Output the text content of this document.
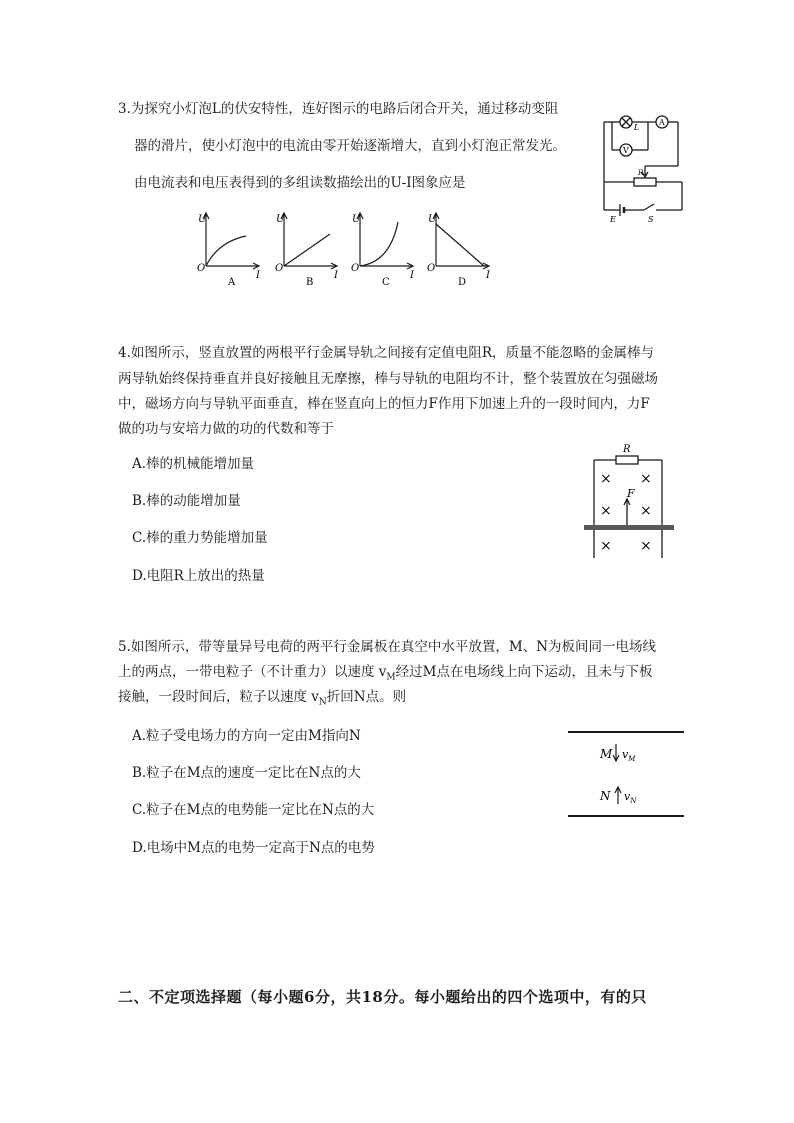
3.为探究小灯泡L的伏安特性，连好图示的电路后闭合开关，通过移动变阻
器的滑片，使小灯泡中的电流由零开始逐渐增大，直到小灯泡正常发光。
由电流表和电压表得到的多组读数描绘出的U-I图象应是
L
A
V
R
E	S
U
O
I
A
U
O
I
B
U
O
I
C
U
O
I
D
4.如图所示，竖直放置的两根平行金属导轨之间接有定值电阻R，质量不能忽略的金属棒与
两导轨始终保持垂直并良好接触且无摩擦，棒与导轨的电阻均不计，整个装置放在匀强磁场
中，磁场方向与导轨平面垂直，棒在竖直向上的恒力F作用下加速上升的一段时间内，力F
做的功与安培力做的功的代数和等于
A.棒的机械能增加量
B.棒的动能增加量
C.棒的重力势能增加量
D.电阻R上放出的热量
R
F
× ×
× ×
× ×
5.如图所示，带等量异号电荷的两平行金属板在真空中水平放置，M、N为板间同一电场线
上的两点，一带电粒子（不计重力）以速度 $v_M$经过M点在电场线上向下运动，且未与下板
接触，一段时间后，粒子以速度 $v_N$折回N点。则
A.粒子受电场力的方向一定由M指向N
B.粒子在M点的速度一定比在N点的大
C.粒子在M点的电势能一定比在N点的大
D.电场中M点的电势一定高于N点的电势
M $v_M$
N $v_N$
二、不定项选择题（每小题6分，共18分。每小题给出的四个选项中，有的只
